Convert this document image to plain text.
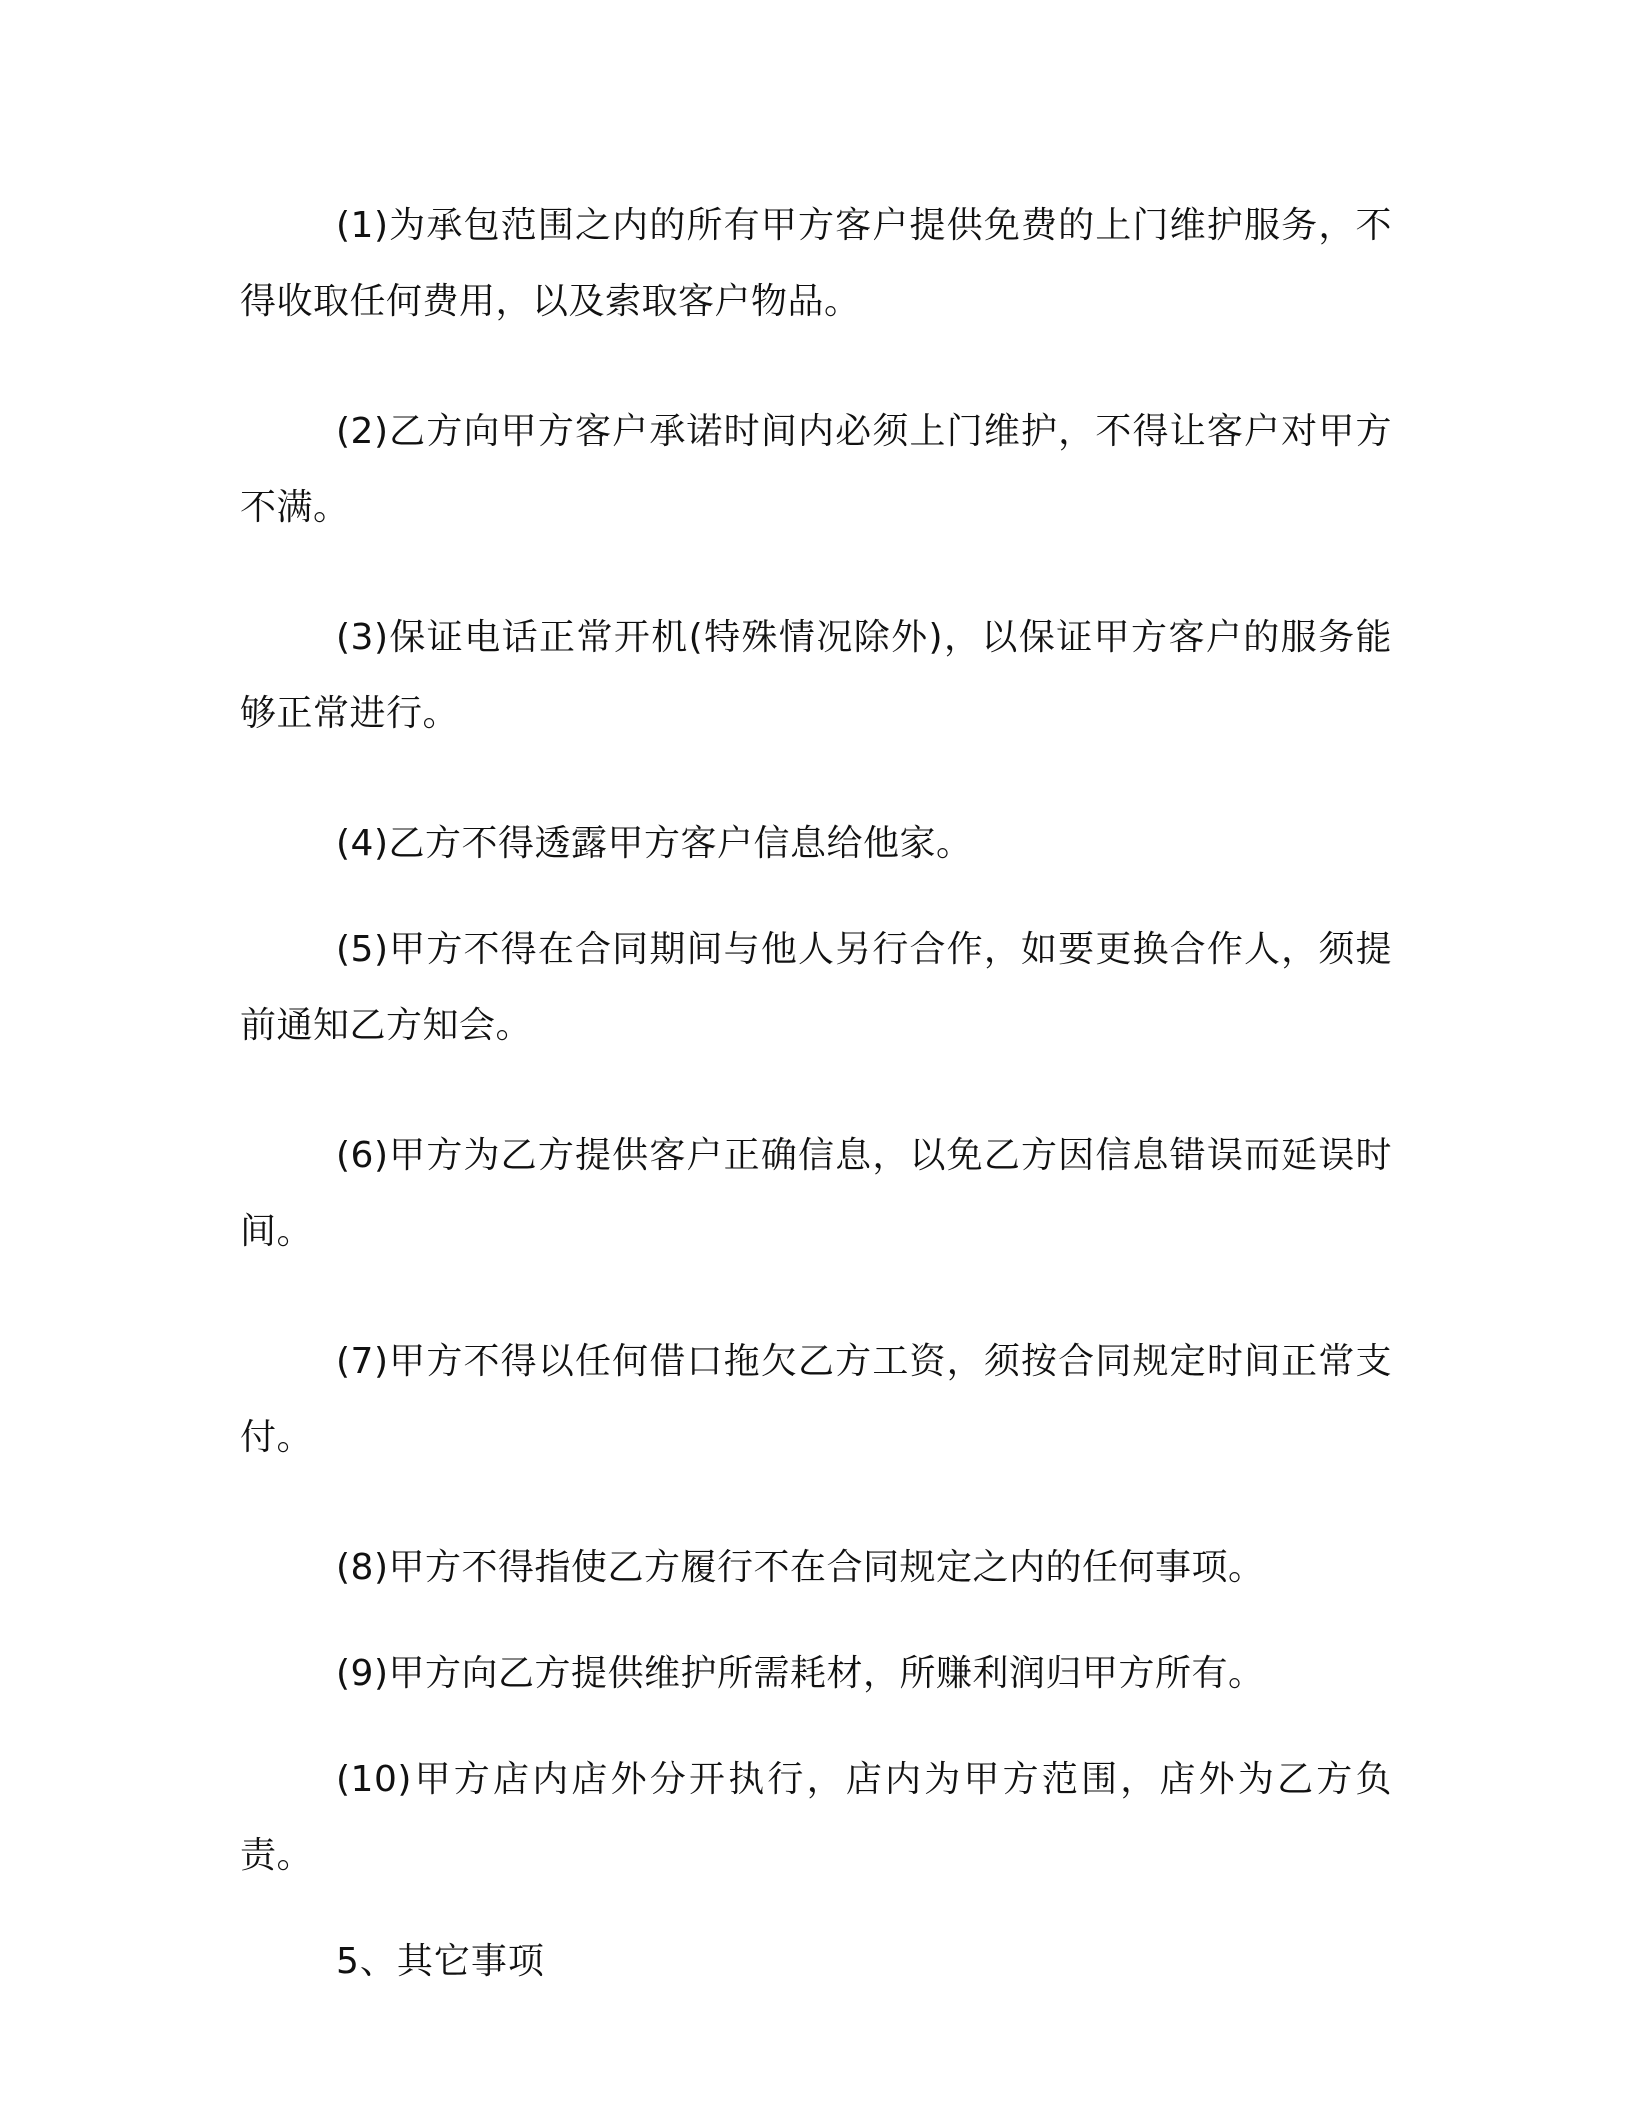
(1)为承包范围之内的所有甲方客户提供免费的上门维护服务，不得收取任何费用，以及索取客户物品。

(2)乙方向甲方客户承诺时间内必须上门维护，不得让客户对甲方不满。

(3)保证电话正常开机(特殊情况除外)，以保证甲方客户的服务能够正常进行。

(4)乙方不得透露甲方客户信息给他家。

(5)甲方不得在合同期间与他人另行合作，如要更换合作人，须提前通知乙方知会。

(6)甲方为乙方提供客户正确信息，以免乙方因信息错误而延误时间。

(7)甲方不得以任何借口拖欠乙方工资，须按合同规定时间正常支付。

(8)甲方不得指使乙方履行不在合同规定之内的任何事项。

(9)甲方向乙方提供维护所需耗材，所赚利润归甲方所有。

(10)甲方店内店外分开执行，店内为甲方范围，店外为乙方负责。

5、其它事项
